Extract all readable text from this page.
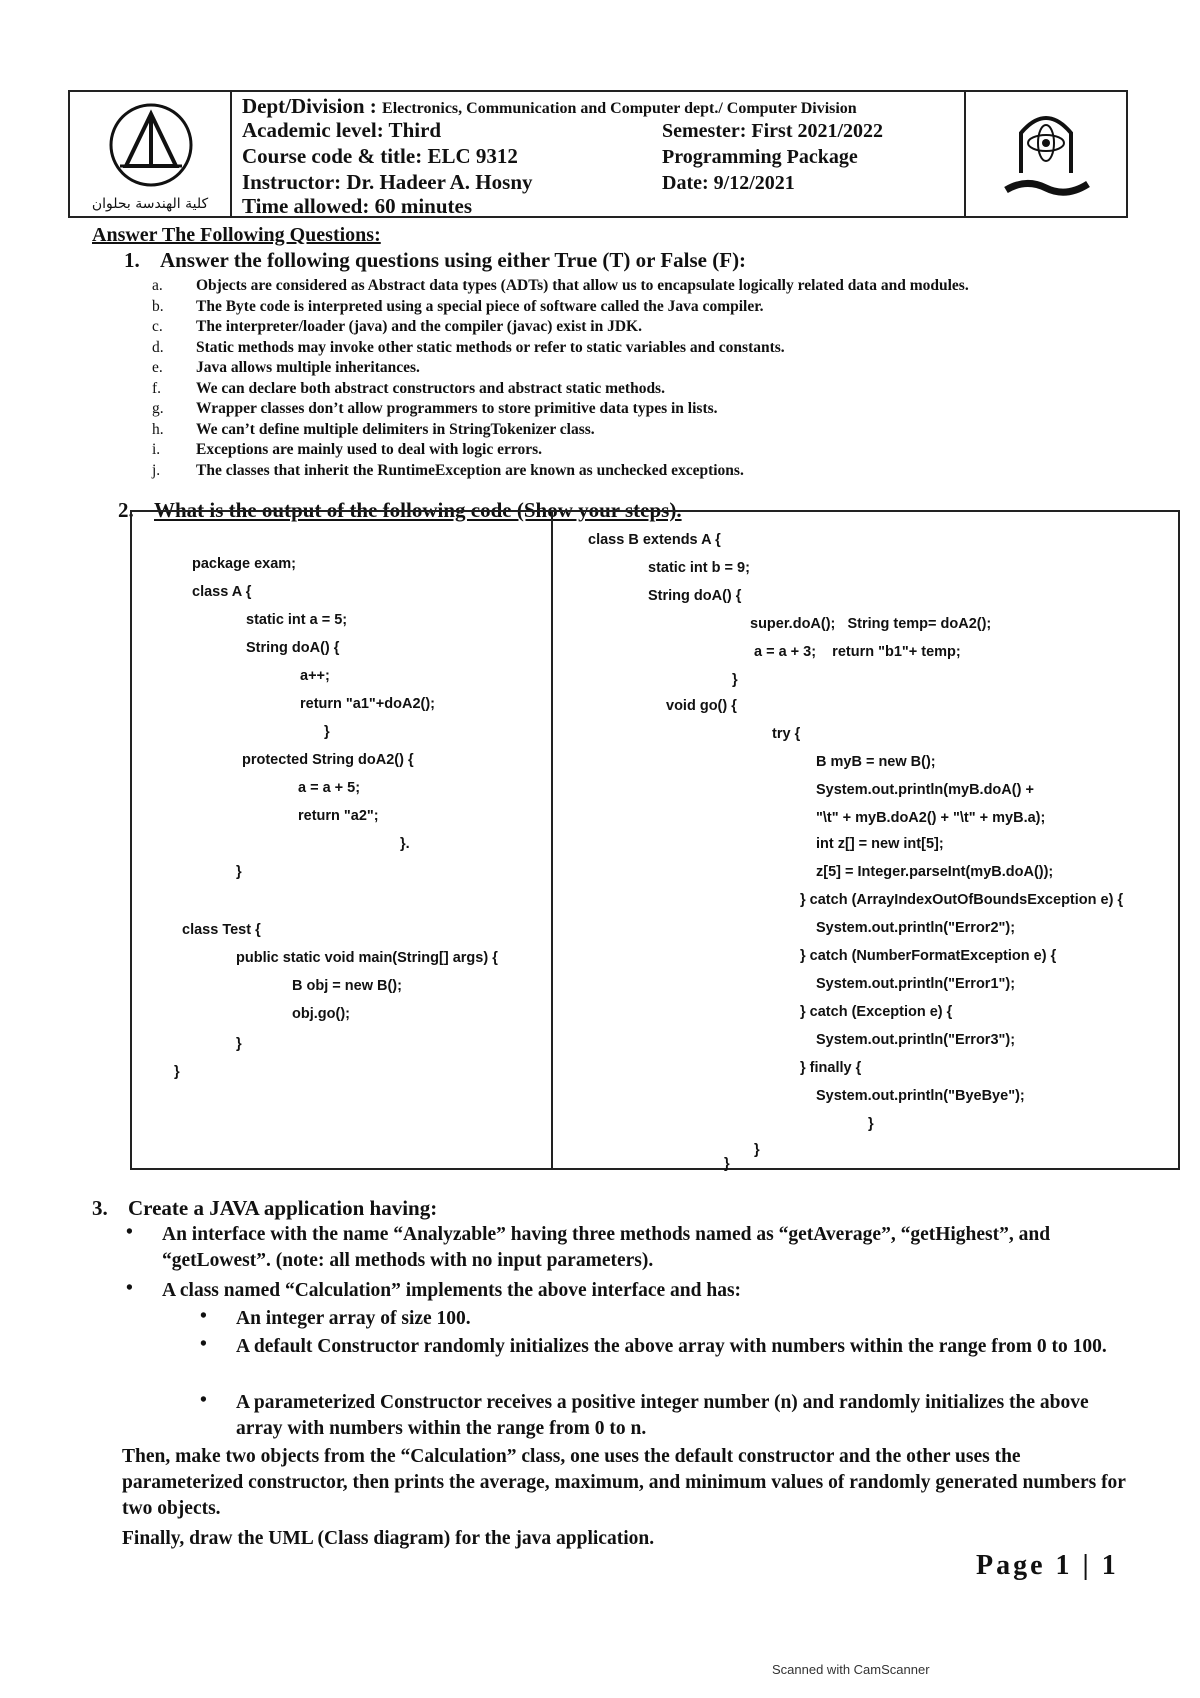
كلية الهندسة بحلوان
Dept/Division : Electronics, Communication and Computer dept./ Computer Division
Academic level: Third
Course code & title: ELC 9312
Instructor: Dr. Hadeer A. Hosny
Time allowed: 60 minutes
Semester: First 2021/2022
Programming Package
Date: 9/12/2021
Answer The Following Questions:
1. Answer the following questions using either True (T) or False (F):
a. Objects are considered as Abstract data types (ADTs) that allow us to encapsulate logically related data and modules.
b. The Byte code is interpreted using a special piece of software called the Java compiler.
c. The interpreter/loader (java) and the compiler (javac) exist in JDK.
d. Static methods may invoke other static methods or refer to static variables and constants.
e. Java allows multiple inheritances.
f. We can declare both abstract constructors and abstract static methods.
g. Wrapper classes don’t allow programmers to store primitive data types in lists.
h. We can’t define multiple delimiters in StringTokenizer class.
i. Exceptions are mainly used to deal with logic errors.
j. The classes that inherit the RuntimeException are known as unchecked exceptions.
2. What is the output of the following code (Show your steps).
package exam;
class A {
static int a = 5;
String doA() {
a++;
return "a1"+doA2();
}
protected String doA2() {
a = a + 5;
return "a2";
}.
}
class Test {
public static void main(String[] args) {
B obj = new B();
obj.go();
}
}
class B extends A {
static int b = 9;
String doA() {
super.doA();   String temp= doA2();
a = a + 3;    return "b1"+ temp;
}
void go() {
try {
B myB = new B();
System.out.println(myB.doA() +
"\t" + myB.doA2() + "\t" + myB.a);
int z[] = new int[5];
z[5] = Integer.parseInt(myB.doA());
} catch (ArrayIndexOutOfBoundsException e) {
System.out.println("Error2");
} catch (NumberFormatException e) {
System.out.println("Error1");
} catch (Exception e) {
System.out.println("Error3");
} finally {
System.out.println("ByeBye");
}
}
}
3. Create a JAVA application having:
• An interface with the name “Analyzable” having three methods named as “getAverage”, “getHighest”, and “getLowest”. (note: all methods with no input parameters).
• A class named “Calculation” implements the above interface and has:
• An integer array of size 100.
• A default Constructor randomly initializes the above array with numbers within the range from 0 to 100.
• A parameterized Constructor receives a positive integer number (n) and randomly initializes the above array with numbers within the range from 0 to n.
Then, make two objects from the “Calculation” class, one uses the default constructor and the other uses the parameterized constructor, then prints the average, maximum, and minimum values of randomly generated numbers for two objects.
Finally, draw the UML (Class diagram) for the java application.
Page 1 | 1
Scanned with CamScanner
